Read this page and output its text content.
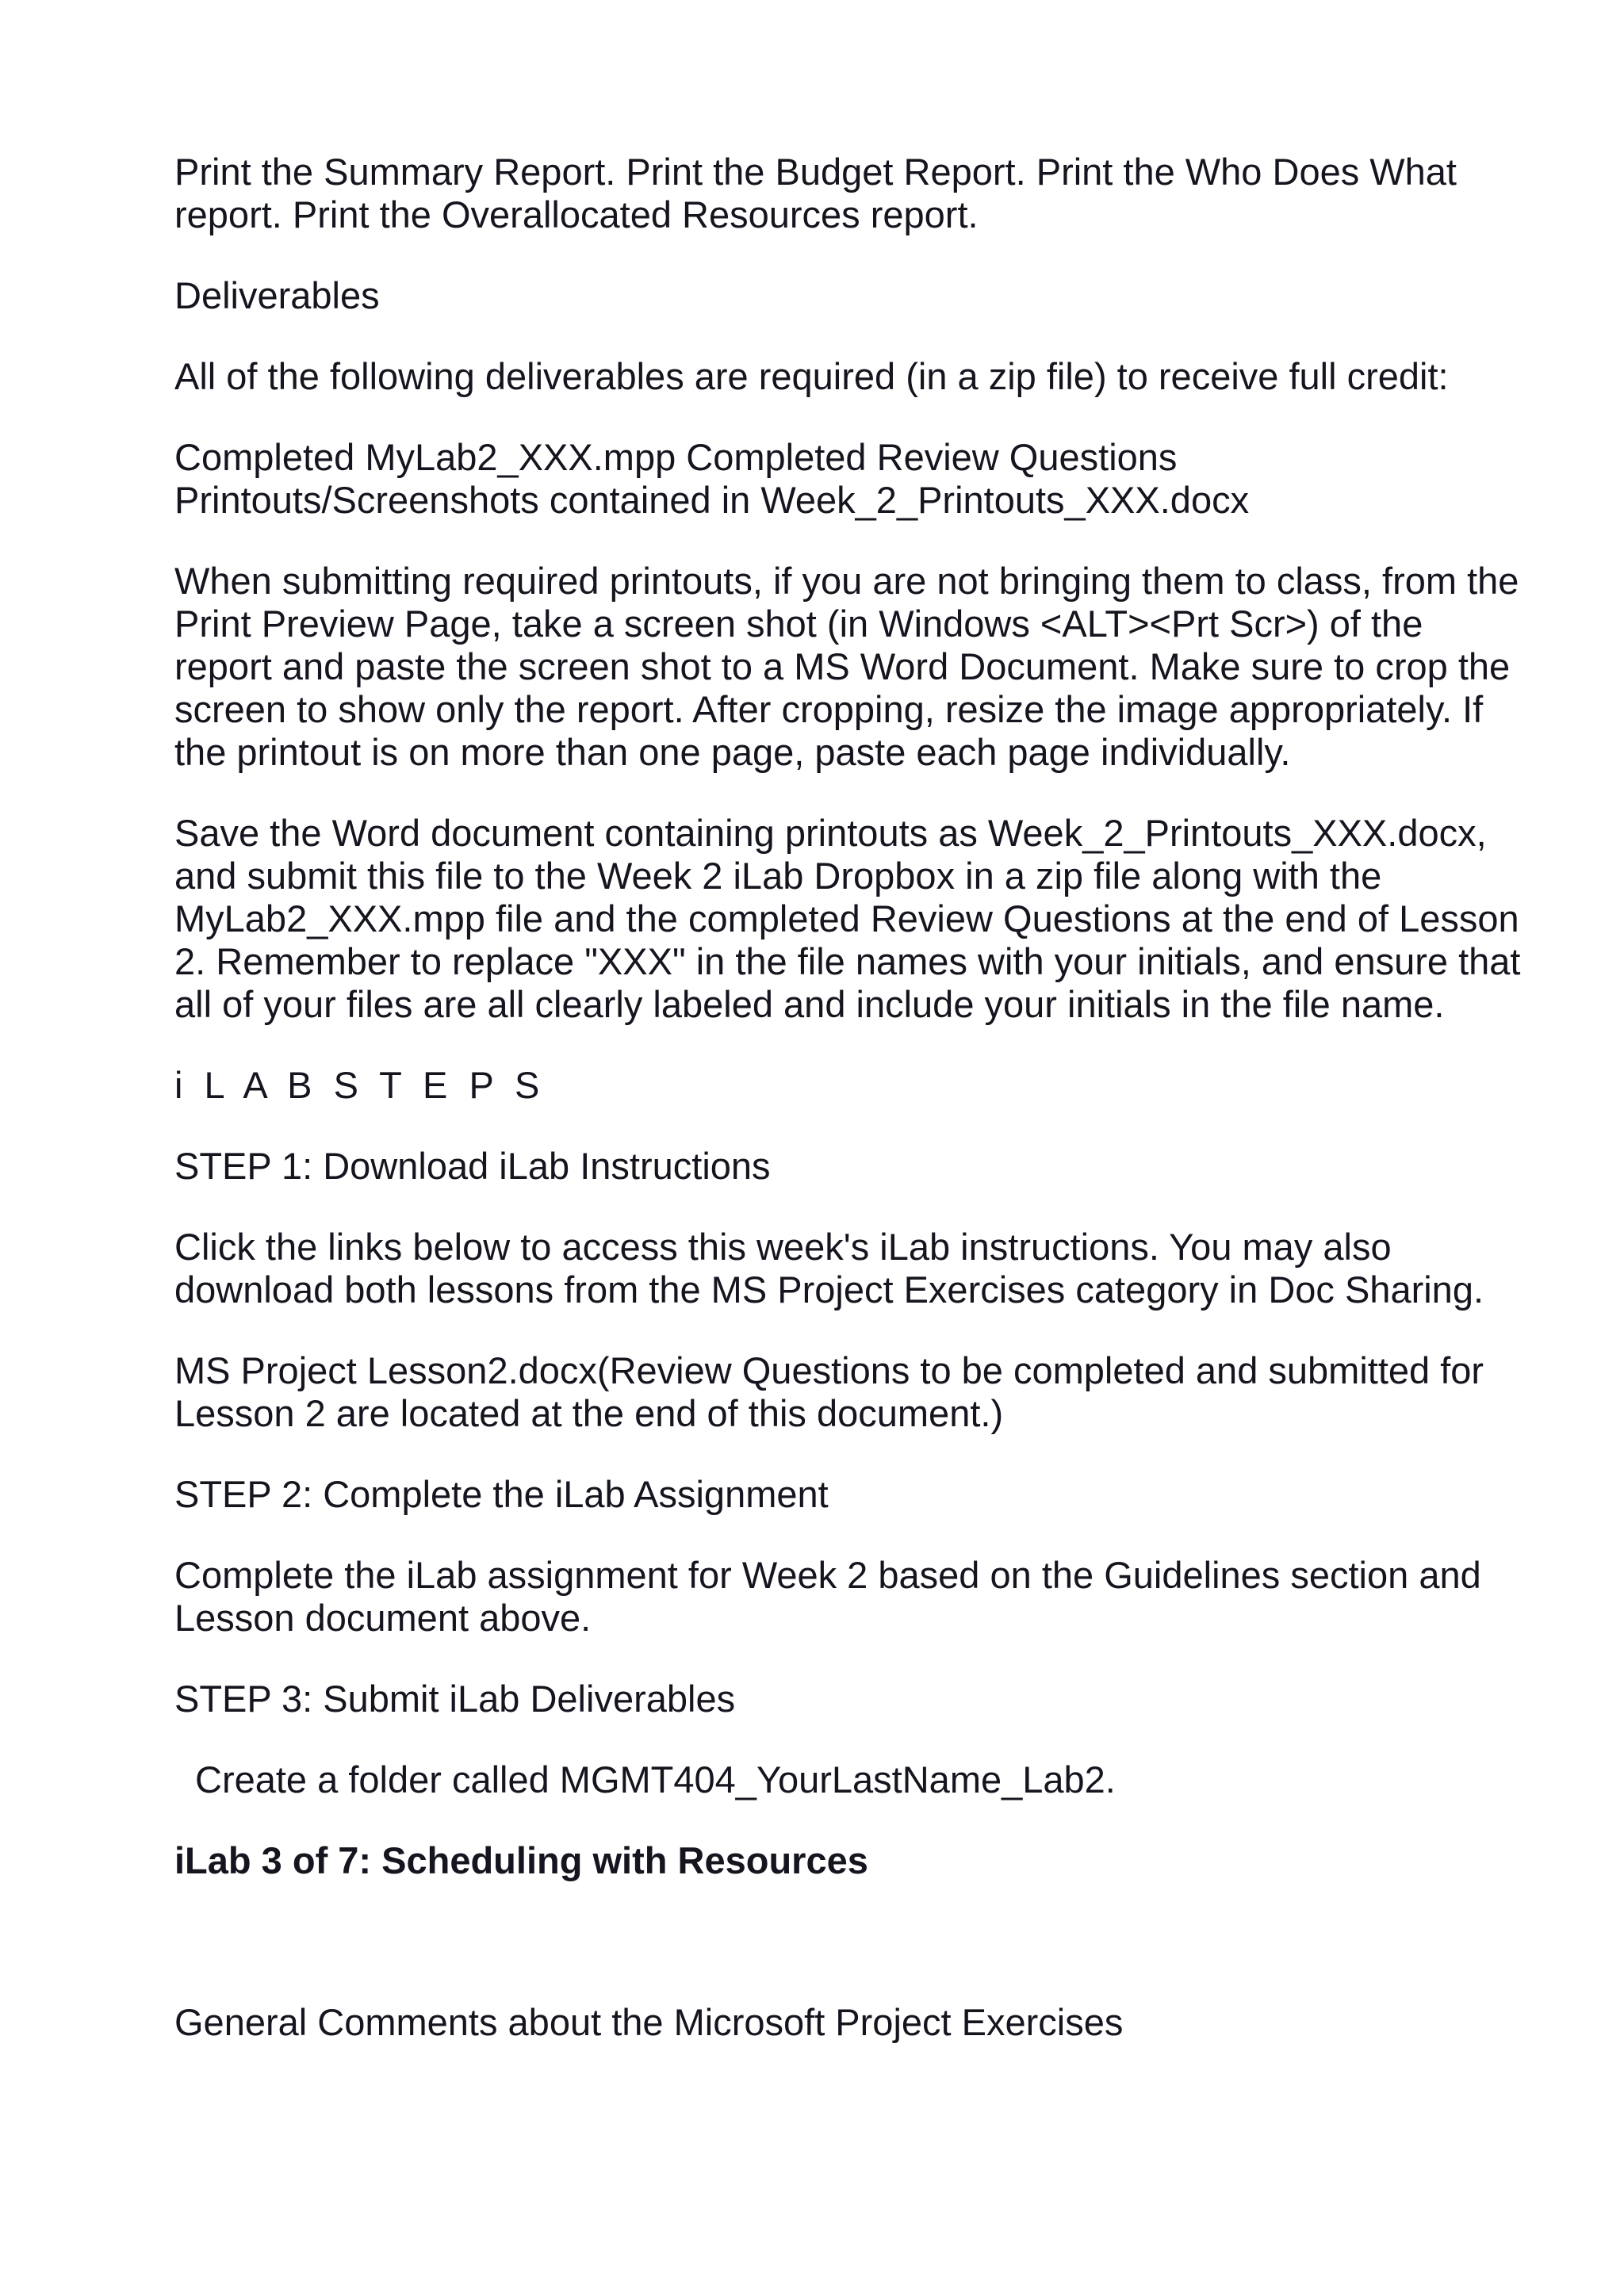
Print the Summary Report. Print the Budget Report. Print the Who Does What report. Print the Overallocated Resources report.

Deliverables

All of the following deliverables are required (in a zip file) to receive full credit:

Completed MyLab2_XXX.mpp Completed Review Questions Printouts/Screenshots contained in Week_2_Printouts_XXX.docx

When submitting required printouts, if you are not bringing them to class, from the Print Preview Page, take a screen shot (in Windows <ALT><Prt Scr>) of the report and paste the screen shot to a MS Word Document. Make sure to crop the screen to show only the report. After cropping, resize the image appropriately. If the printout is on more than one page, paste each page individually.

Save the Word document containing printouts as Week_2_Printouts_XXX.docx, and submit this file to the Week 2 iLab Dropbox in a zip file along with the MyLab2_XXX.mpp file and the completed Review Questions at the end of Lesson 2. Remember to replace "XXX" in the file names with your initials, and ensure that all of your files are all clearly labeled and include your initials in the file name.

i L A B S T E P S

STEP 1: Download iLab Instructions

Click the links below to access this week's iLab instructions. You may also download both lessons from the MS Project Exercises category in Doc Sharing.

MS Project Lesson2.docx(Review Questions to be completed and submitted for Lesson 2 are located at the end of this document.)

STEP 2: Complete the iLab Assignment

Complete the iLab assignment for Week 2 based on the Guidelines section and Lesson document above.

STEP 3: Submit iLab Deliverables

Create a folder called MGMT404_YourLastName_Lab2.

iLab 3 of 7: Scheduling with Resources

General Comments about the Microsoft Project Exercises
